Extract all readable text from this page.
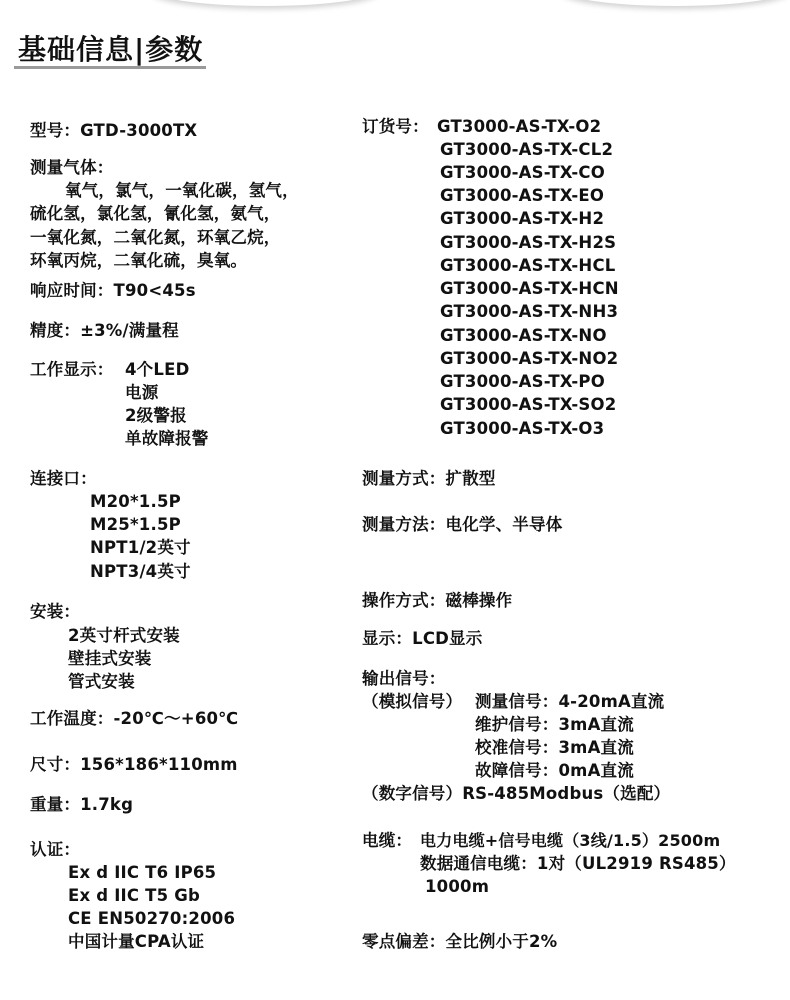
基础信息|参数
型号：GTD-3000TX
测量气体：
氧气，氯气，一氧化碳，氢气，
硫化氢，氯化氢，氰化氢，氨气，
一氧化氮，二氧化氮，环氧乙烷，
环氧丙烷，二氧化硫，臭氧。
响应时间：T90<45s
精度：±3%/满量程
工作显示： 4个LED
电源
2级警报
单故障报警
连接口：
M20*1.5P
M25*1.5P
NPT1/2英寸
NPT3/4英寸
安装：
2英寸杆式安装
壁挂式安装
管式安装
工作温度：-20℃～+60℃
尺寸：156*186*110mm
重量：1.7kg
认证：
Ex d IIC T6 IP65
Ex d IIC T5 Gb
CE EN50270:2006
中国计量CPA认证
订货号： GT3000-AS-TX-O2
GT3000-AS-TX-CL2
GT3000-AS-TX-CO
GT3000-AS-TX-EO
GT3000-AS-TX-H2
GT3000-AS-TX-H2S
GT3000-AS-TX-HCL
GT3000-AS-TX-HCN
GT3000-AS-TX-NH3
GT3000-AS-TX-NO
GT3000-AS-TX-NO2
GT3000-AS-TX-PO
GT3000-AS-TX-SO2
GT3000-AS-TX-O3
测量方式：扩散型
测量方法：电化学、半导体
操作方式：磁棒操作
显示：LCD显示
输出信号：
（模拟信号） 测量信号：4-20mA直流
维护信号：3mA直流
校准信号：3mA直流
故障信号：0mA直流
（数字信号）RS-485Modbus（选配）
电缆： 电力电缆+信号电缆（3线/1.5）2500m
数据通信电缆：1对（UL2919 RS485）
1000m
零点偏差：全比例小于2%
